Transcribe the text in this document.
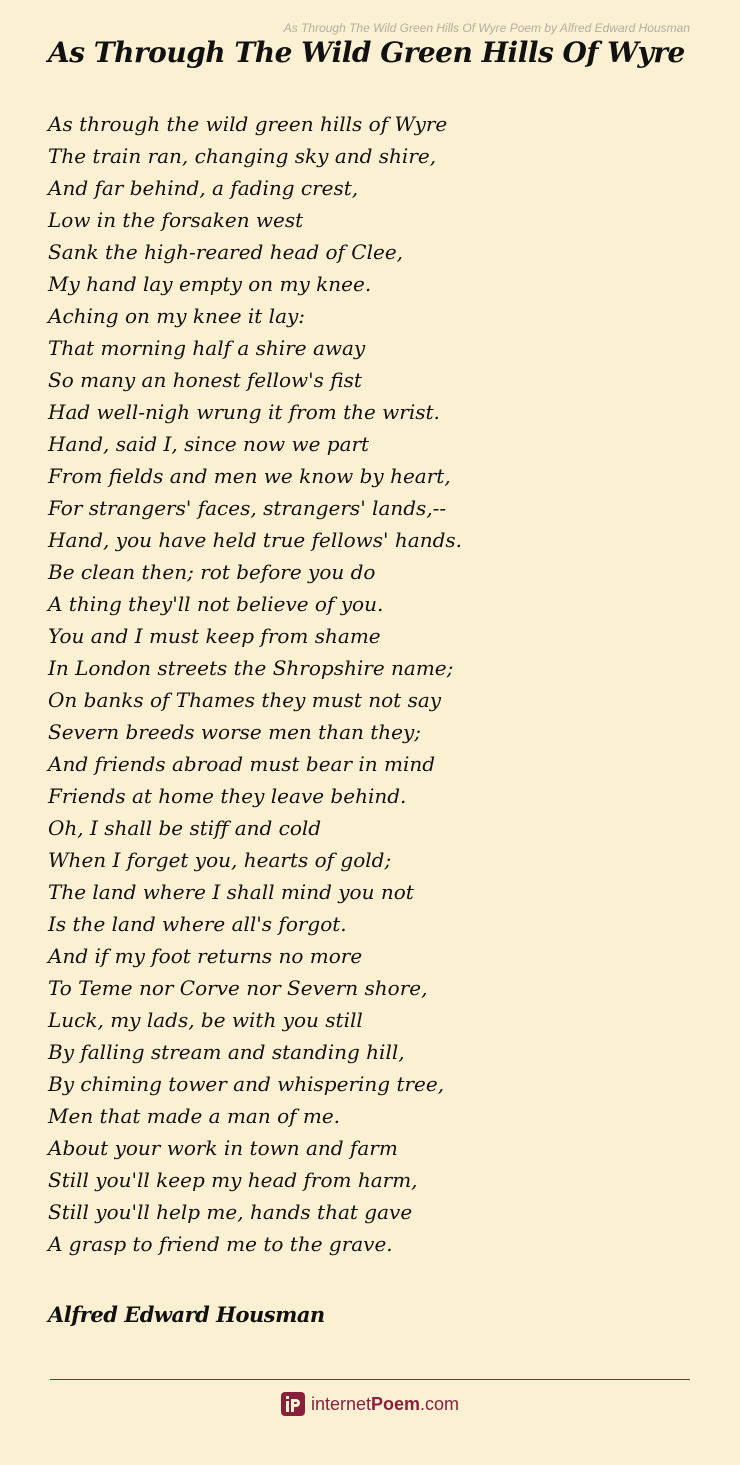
As Through The Wild Green Hills Of Wyre Poem by Alfred Edward Housman
As Through The Wild Green Hills Of Wyre
As through the wild green hills of Wyre
The train ran, changing sky and shire,
And far behind, a fading crest,
Low in the forsaken west
Sank the high-reared head of Clee,
My hand lay empty on my knee.
Aching on my knee it lay:
That morning half a shire away
So many an honest fellow's fist
Had well-nigh wrung it from the wrist.
Hand, said I, since now we part
From fields and men we know by heart,
For strangers' faces, strangers' lands,--
Hand, you have held true fellows' hands.
Be clean then; rot before you do
A thing they'll not believe of you.
You and I must keep from shame
In London streets the Shropshire name;
On banks of Thames they must not say
Severn breeds worse men than they;
And friends abroad must bear in mind
Friends at home they leave behind.
Oh, I shall be stiff and cold
When I forget you, hearts of gold;
The land where I shall mind you not
Is the land where all's forgot.
And if my foot returns no more
To Teme nor Corve nor Severn shore,
Luck, my lads, be with you still
By falling stream and standing hill,
By chiming tower and whispering tree,
Men that made a man of me.
About your work in town and farm
Still you'll keep my head from harm,
Still you'll help me, hands that gave
A grasp to friend me to the grave.
Alfred Edward Housman
internetPoem.com
